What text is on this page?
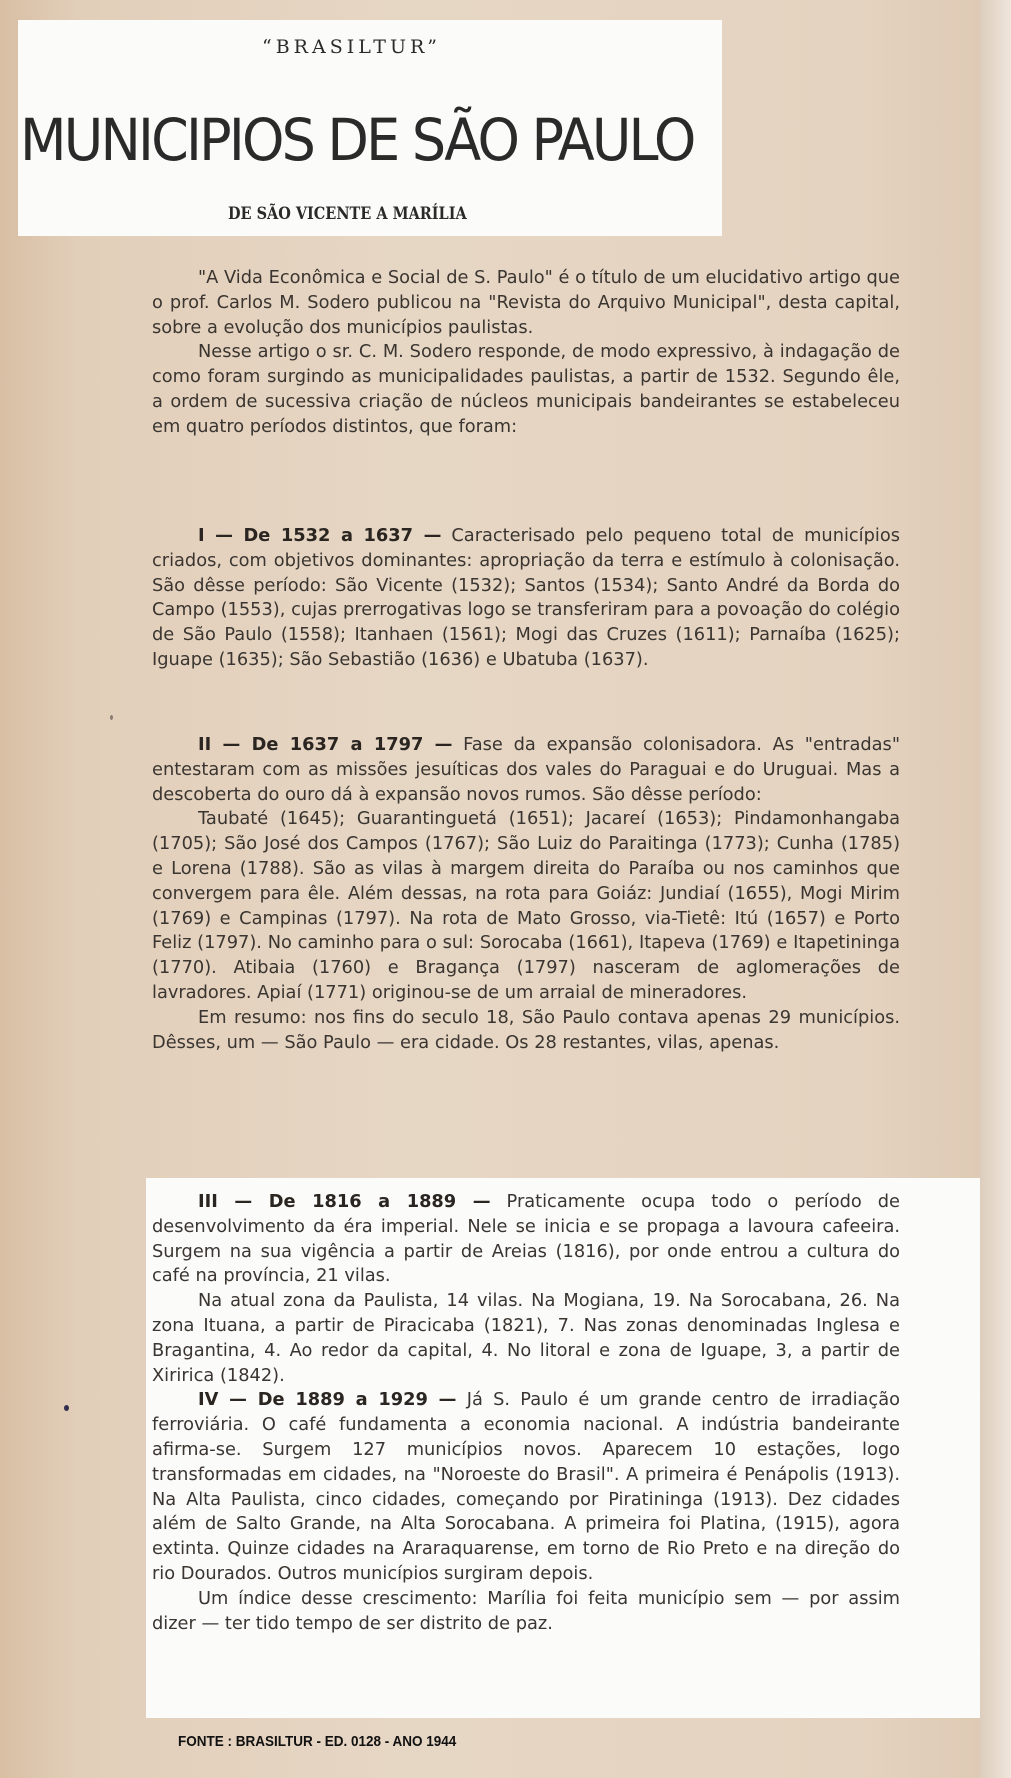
“BRASILTUR”
MUNICIPIOS DE SÃO PAULO
DE SÃO VICENTE A MARÍLIA

"A Vida Econômica e Social de S. Paulo" é o título de um elucidativo artigo que o prof. Carlos M. Sodero publicou na "Revista do Arquivo Municipal", desta capital, sobre a evolução dos municípios paulistas.

Nesse artigo o sr. C. M. Sodero responde, de modo expressivo, à indagação de como foram surgindo as municipalidades paulistas, a partir de 1532. Segundo êle, a ordem de sucessiva criação de núcleos municipais bandeirantes se estabeleceu em quatro períodos distintos, que foram:

I — De 1532 a 1637 — Caracterisado pelo pequeno total de municípios criados, com objetivos dominantes: apropriação da terra e estímulo à colonisação. São dêsse período: São Vicente (1532); Santos (1534); Santo André da Borda do Campo (1553), cujas prerrogativas logo se transferiram para a povoação do colégio de São Paulo (1558); Itanhaen (1561); Mogi das Cruzes (1611); Parnaíba (1625); Iguape (1635); São Sebastião (1636) e Ubatuba (1637).

II — De 1637 a 1797 — Fase da expansão colonisadora. As "entradas" entestaram com as missões jesuíticas dos vales do Paraguai e do Uruguai. Mas a descoberta do ouro dá à expansão novos rumos. São dêsse período:

Taubaté (1645); Guarantinguetá (1651); Jacareí (1653); Pindamonhangaba (1705); São José dos Campos (1767); São Luiz do Paraitinga (1773); Cunha (1785) e Lorena (1788). São as vilas à margem direita do Paraíba ou nos caminhos que convergem para êle. Além dessas, na rota para Goiáz: Jundiaí (1655), Mogi Mirim (1769) e Campinas (1797). Na rota de Mato Grosso, via-Tietê: Itú (1657) e Porto Feliz (1797). No caminho para o sul: Sorocaba (1661), Itapeva (1769) e Itapetininga (1770). Atibaia (1760) e Bragança (1797) nasceram de aglomerações de lavradores. Apiaí (1771) originou-se de um arraial de mineradores.

Em resumo: nos fins do seculo 18, São Paulo contava apenas 29 municípios. Dêsses, um — São Paulo — era cidade. Os 28 restantes, vilas, apenas.

III — De 1816 a 1889 — Praticamente ocupa todo o período de desenvolvimento da éra imperial. Nele se inicia e se propaga a lavoura cafeeira. Surgem na sua vigência a partir de Areias (1816), por onde entrou a cultura do café na província, 21 vilas.

Na atual zona da Paulista, 14 vilas. Na Mogiana, 19. Na Sorocabana, 26. Na zona Ituana, a partir de Piracicaba (1821), 7. Nas zonas denominadas Inglesa e Bragantina, 4. Ao redor da capital, 4. No litoral e zona de Iguape, 3, a partir de Xiririca (1842).

IV — De 1889 a 1929 — Já S. Paulo é um grande centro de irradiação ferroviária. O café fundamenta a economia nacional. A indústria bandeirante afirma-se. Surgem 127 municípios novos. Aparecem 10 estações, logo transformadas em cidades, na "Noroeste do Brasil". A primeira é Penápolis (1913). Na Alta Paulista, cinco cidades, começando por Piratininga (1913). Dez cidades além de Salto Grande, na Alta Sorocabana. A primeira foi Platina, (1915), agora extinta. Quinze cidades na Araraquarense, em torno de Rio Preto e na direção do rio Dourados. Outros municípios surgiram depois.

Um índice desse crescimento: Marília foi feita município sem — por assim dizer — ter tido tempo de ser distrito de paz.

FONTE : BRASILTUR - ED. 0128 - ANO 1944
